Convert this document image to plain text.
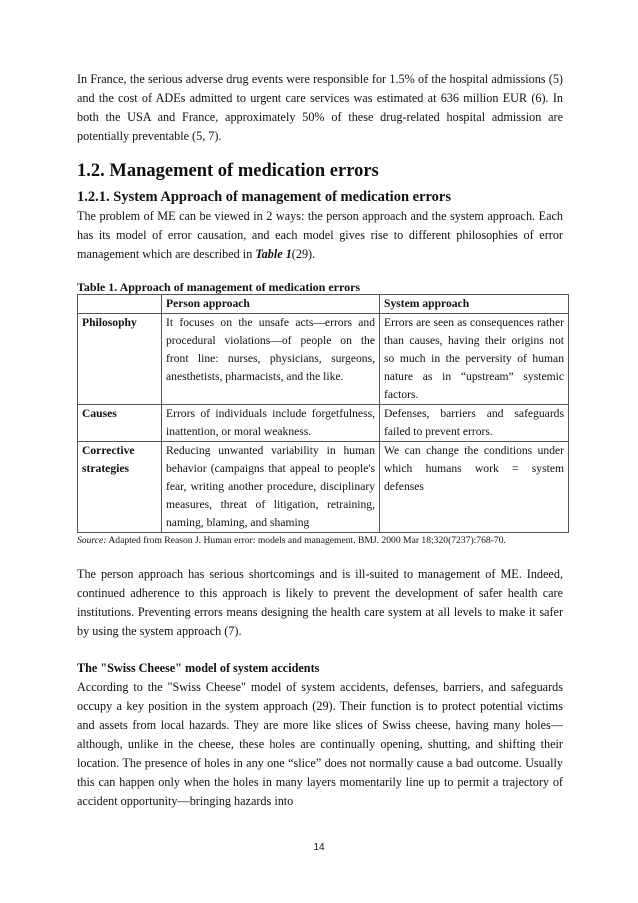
In France, the serious adverse drug events were responsible for 1.5% of the hospital admissions (5) and the cost of ADEs admitted to urgent care services was estimated at 636 million EUR (6). In both the USA and France, approximately 50% of these drug-related hospital admission are potentially preventable (5, 7).

1.2. Management of medication errors
1.2.1. System Approach of management of medication errors

The problem of ME can be viewed in 2 ways: the person approach and the system approach. Each has its model of error causation, and each model gives rise to different philosophies of error management which are described in Table 1(29).

Table 1. Approach of management of medication errors
	Person approach	System approach
Philosophy	It focuses on the unsafe acts—errors and procedural violations—of people on the front line: nurses, physicians, surgeons, anesthetists, pharmacists, and the like.	Errors are seen as consequences rather than causes, having their origins not so much in the perversity of human nature as in “upstream” systemic factors.
Causes	Errors of individuals include forgetfulness, inattention, or moral weakness.	Defenses, barriers and safeguards failed to prevent errors.
Corrective strategies	Reducing unwanted variability in human behavior (campaigns that appeal to people's fear, writing another procedure, disciplinary measures, threat of litigation, retraining, naming, blaming, and shaming	We can change the conditions under which humans work = system defenses

Source: Adapted from Reason J. Human error: models and management. BMJ. 2000 Mar 18;320(7237):768-70.

The person approach has serious shortcomings and is ill-suited to management of ME. Indeed, continued adherence to this approach is likely to prevent the development of safer health care institutions. Preventing errors means designing the health care system at all levels to make it safer by using the system approach (7).

The "Swiss Cheese" model of system accidents

According to the "Swiss Cheese" model of system accidents, defenses, barriers, and safeguards occupy a key position in the system approach (29). Their function is to protect potential victims and assets from local hazards. They are more like slices of Swiss cheese, having many holes—although, unlike in the cheese, these holes are continually opening, shutting, and shifting their location. The presence of holes in any one “slice” does not normally cause a bad outcome. Usually this can happen only when the holes in many layers momentarily line up to permit a trajectory of accident opportunity—bringing hazards into

14
